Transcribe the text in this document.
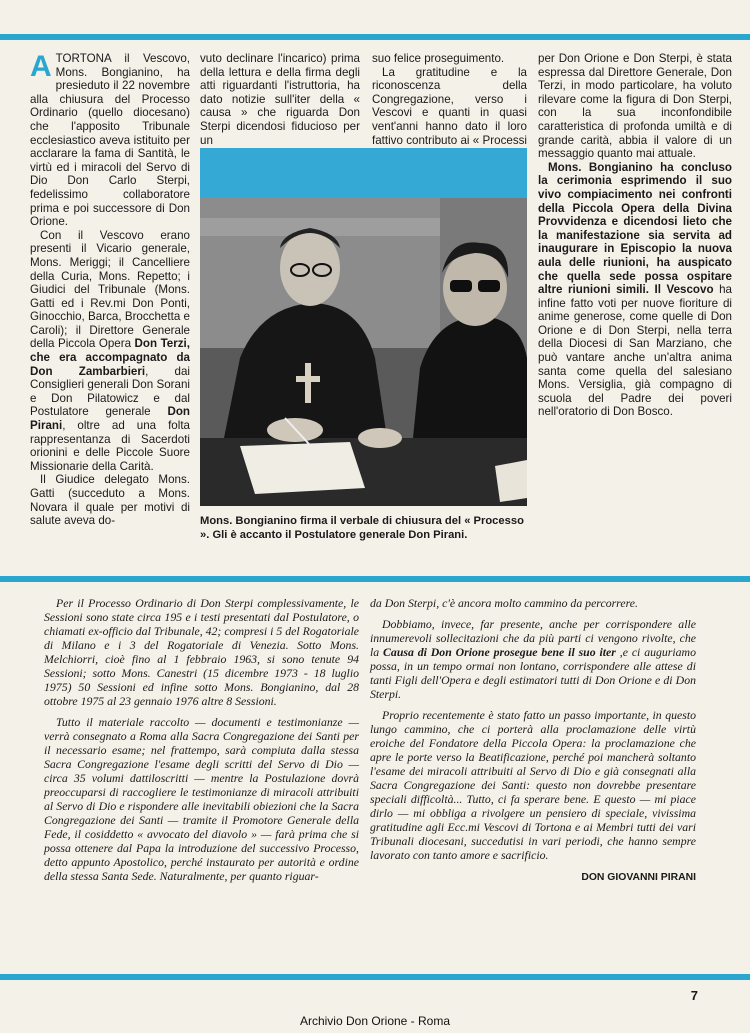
ATORTONA il Vescovo, Mons. Bongianino, ha presieduto il 22 novembre alla chiusura del Processo Ordinario (quello diocesano) che l'apposito Tribunale ecclesiastico aveva istituito per acclarare la fama di Santità, le virtù ed i miracoli del Servo di Dio Don Carlo Sterpi, fedelissimo collaboratore prima e poi successore di Don Orione.

Con il Vescovo erano presenti il Vicario generale, Mons. Meriggi; il Cancelliere della Curia, Mons. Repetto; i Giudici del Tribunale (Mons. Gatti ed i Rev.mi Don Ponti, Ginocchio, Barca, Brocchetta e Caroli); il Direttore Generale della Piccola Opera Don Terzi, che era accompagnato da Don Zambarbieri, dai Consiglieri generali Don Sorani e Don Pilatowicz e dal Postulatore generale Don Pirani, oltre ad una folta rappresentanza di Sacerdoti orionini e delle Piccole Suore Missionarie della Carità.

Il Giudice delegato Mons. Gatti (succeduto a Mons. Novara il quale per motivi di salute aveva do-

vuto declinare l'incarico) prima della lettura e della firma degli atti riguardanti l'istruttoria, ha dato notizie sull'iter della « causa » che riguarda Don Sterpi dicendosi fiducioso per un

suo felice proseguimento.

La gratitudine e la riconoscenza della Congregazione, verso i Vescovi e quanti in quasi vent'anni hanno dato il loro fattivo contributo ai « Processi

per Don Orione e Don Sterpi, è stata espressa dal Direttore Generale, Don Terzi, in modo particolare, ha voluto rilevare come la figura di Don Sterpi, con la sua inconfondibile caratteristica di profonda umiltà e di grande carità, abbia il valore di un messaggio quanto mai attuale.

Mons. Bongianino ha concluso la cerimonia esprimendo il suo vivo compiacimento nei confronti della Piccola Opera della Divina Provvidenza e dicendosi lieto che la manifestazione sia servita ad inaugurare in Episcopio la nuova aula delle riunioni, ha auspicato che quella sede possa ospitare altre riunioni simili. Il Vescovo ha infine fatto voti per nuove fioriture di anime generose, come quelle di Don Orione e di Don Sterpi, nella terra della Diocesi di San Marziano, che può vantare anche un'altra anima santa come quella del salesiano Mons. Versiglia, già compagno di scuola del Padre dei poveri nell'oratorio di Don Bosco.

Mons. Bongianino firma il verbale di chiusura del « Processo ». Gli è accanto il Postulatore generale Don Pirani.

Per il Processo Ordinario di Don Sterpi complessivamente, le Sessioni sono state circa 195 e i testi presentati dal Postulatore, o chiamati ex-officio dal Tribunale, 42; compresi i 5 del Rogatoriale di Milano e i 3 del Rogatoriale di Venezia. Sotto Mons. Melchiorri, cioè fino al 1 febbraio 1963, si sono tenute 94 Sessioni; sotto Mons. Canestri (15 dicembre 1973 - 18 luglio 1975) 50 Sessioni ed infine sotto Mons. Bongianino, dal 28 ottobre 1975 al 23 gennaio 1976 altre 8 Sessioni.

Tutto il materiale raccolto — documenti e testimonianze — verrà consegnato a Roma alla Sacra Congregazione dei Santi per il necessario esame; nel frattempo, sarà compiuta dalla stessa Sacra Congregazione l'esame degli scritti del Servo di Dio — circa 35 volumi dattiloscritti — mentre la Postulazione dovrà preoccuparsi di raccogliere le testimonianze di miracoli attribuiti al Servo di Dio e rispondere alle inevitabili obiezioni che la Sacra Congregazione dei Santi — tramite il Promotore Generale della Fede, il cosiddetto « avvocato del diavolo » — farà prima che si possa ottenere dal Papa la introduzione del successivo Processo, detto appunto Apostolico, perché instaurato per autorità e ordine della stessa Santa Sede. Naturalmente, per quanto riguar-

da Don Sterpi, c'è ancora molto cammino da percorrere.

Dobbiamo, invece, far presente, anche per corrispondere alle innumerevoli sollecitazioni che da più parti ci vengono rivolte, che la Causa di Don Orione prosegue bene il suo iter ,e ci auguriamo possa, in un tempo ormai non lontano, corrispondere alle attese di tanti Figli dell'Opera e degli estimatori tutti di Don Orione e di Don Sterpi.

Proprio recentemente è stato fatto un passo importante, in questo lungo cammino, che ci porterà alla proclamazione delle virtù eroiche del Fondatore della Piccola Opera: la proclamazione che apre le porte verso la Beatificazione, perché poi mancherà soltanto l'esame dei miracoli attribuiti al Servo di Dio e già consegnati alla Sacra Congregazione dei Santi: questo non dovrebbe presentare speciali difficoltà... Tutto, ci fa sperare bene. E questo — mi piace dirlo — mi obbliga a rivolgere un pensiero di speciale, vivissima gratitudine agli Ecc.mi Vescovi di Tortona e ai Membri tutti dei vari Tribunali diocesani, succedutisi in vari periodi, che hanno sempre lavorato con tanto amore e sacrificio.

DON GIOVANNI PIRANI
7
Archivio Don Orione - Roma
